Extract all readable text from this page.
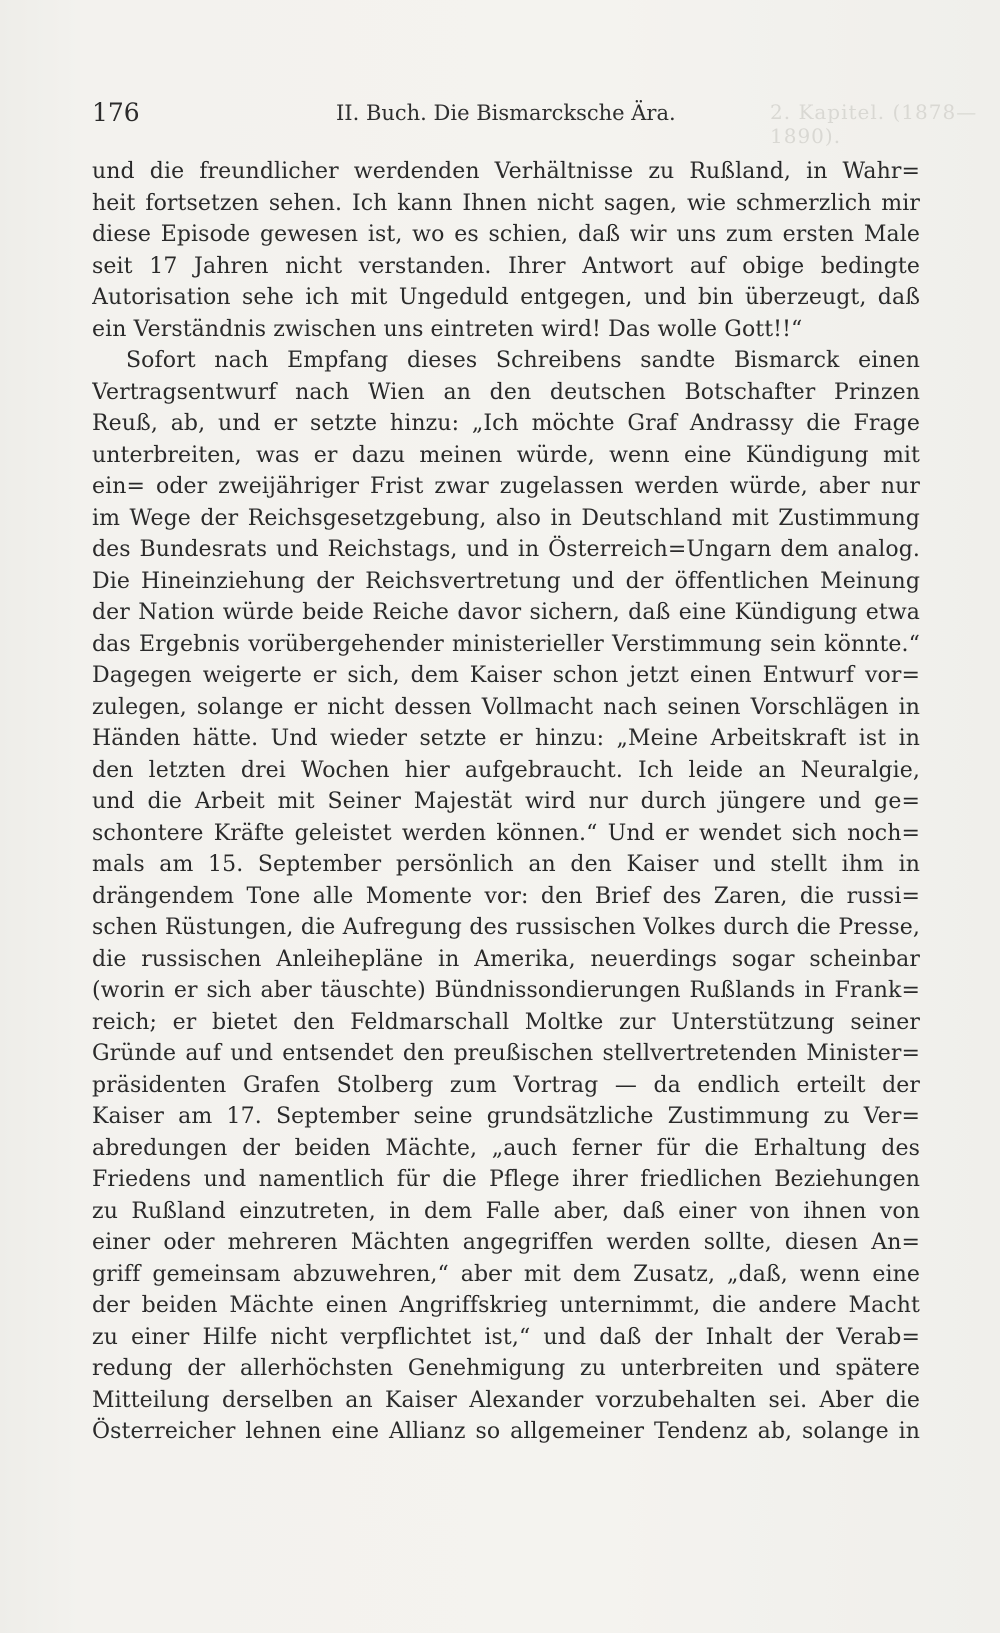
2. Kapitel. (1878—1890).
176	II. Buch. Die Bismarcksche Ära.
und die freundlicher werdenden Verhältnisse zu Rußland, in Wahr=
heit fortsetzen sehen. Ich kann Ihnen nicht sagen, wie schmerzlich mir
diese Episode gewesen ist, wo es schien, daß wir uns zum ersten Male
seit 17 Jahren nicht verstanden. Ihrer Antwort auf obige bedingte
Autorisation sehe ich mit Ungeduld entgegen, und bin überzeugt, daß
ein Verständnis zwischen uns eintreten wird! Das wolle Gott!!“
Sofort nach Empfang dieses Schreibens sandte Bismarck einen
Vertragsentwurf nach Wien an den deutschen Botschafter Prinzen
Reuß, ab, und er setzte hinzu: „Ich möchte Graf Andrassy die Frage
unterbreiten, was er dazu meinen würde, wenn eine Kündigung mit
ein= oder zweijähriger Frist zwar zugelassen werden würde, aber nur
im Wege der Reichsgesetzgebung, also in Deutschland mit Zustimmung
des Bundesrats und Reichstags, und in Österreich=Ungarn dem analog.
Die Hineinziehung der Reichsvertretung und der öffentlichen Meinung
der Nation würde beide Reiche davor sichern, daß eine Kündigung etwa
das Ergebnis vorübergehender ministerieller Verstimmung sein könnte.“
Dagegen weigerte er sich, dem Kaiser schon jetzt einen Entwurf vor=
zulegen, solange er nicht dessen Vollmacht nach seinen Vorschlägen in
Händen hätte. Und wieder setzte er hinzu: „Meine Arbeitskraft ist in
den letzten drei Wochen hier aufgebraucht. Ich leide an Neuralgie,
und die Arbeit mit Seiner Majestät wird nur durch jüngere und ge=
schontere Kräfte geleistet werden können.“ Und er wendet sich noch=
mals am 15. September persönlich an den Kaiser und stellt ihm in
drängendem Tone alle Momente vor: den Brief des Zaren, die russi=
schen Rüstungen, die Aufregung des russischen Volkes durch die Presse,
die russischen Anleihepläne in Amerika, neuerdings sogar scheinbar
(worin er sich aber täuschte) Bündnissondierungen Rußlands in Frank=
reich; er bietet den Feldmarschall Moltke zur Unterstützung seiner
Gründe auf und entsendet den preußischen stellvertretenden Minister=
präsidenten Grafen Stolberg zum Vortrag — da endlich erteilt der
Kaiser am 17. September seine grundsätzliche Zustimmung zu Ver=
abredungen der beiden Mächte, „auch ferner für die Erhaltung des
Friedens und namentlich für die Pflege ihrer friedlichen Beziehungen
zu Rußland einzutreten, in dem Falle aber, daß einer von ihnen von
einer oder mehreren Mächten angegriffen werden sollte, diesen An=
griff gemeinsam abzuwehren,“ aber mit dem Zusatz, „daß, wenn eine
der beiden Mächte einen Angriffskrieg unternimmt, die andere Macht
zu einer Hilfe nicht verpflichtet ist,“ und daß der Inhalt der Verab=
redung der allerhöchsten Genehmigung zu unterbreiten und spätere
Mitteilung derselben an Kaiser Alexander vorzubehalten sei. Aber die
Österreicher lehnen eine Allianz so allgemeiner Tendenz ab, solange in
